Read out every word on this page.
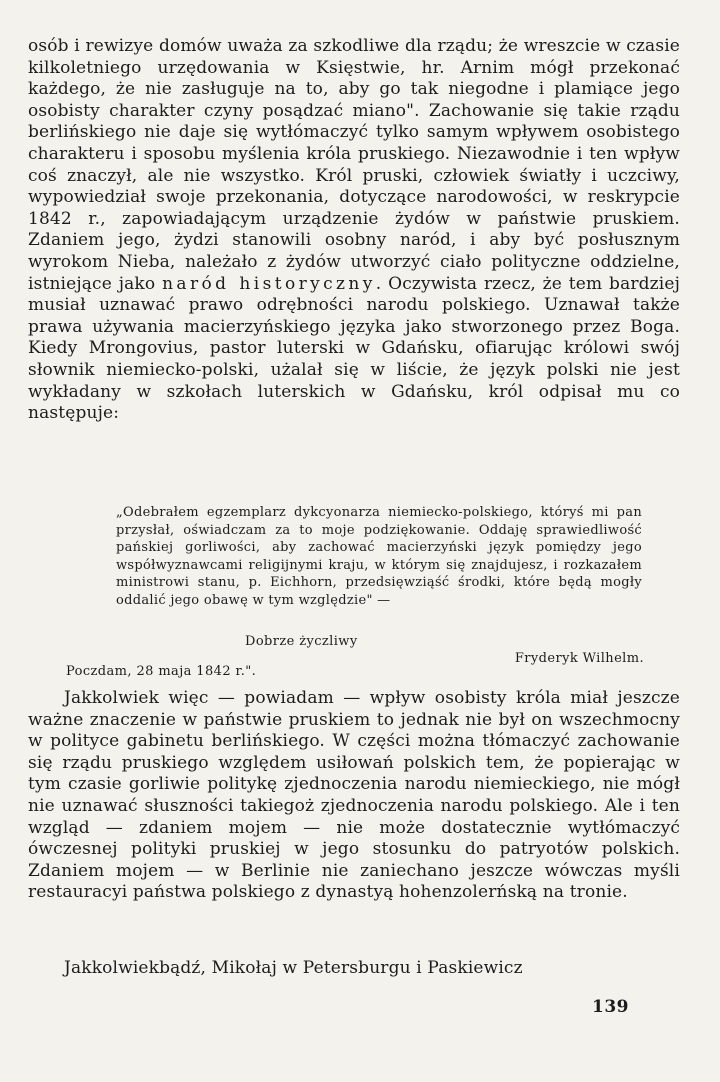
osób i rewizye domów uważa za szkodliwe dla rządu; że wreszcie w czasie kilkoletniego urzędowania w Księstwie, hr. Arnim mógł przekonać każdego, że nie zasługuje na to, aby go tak niegodne i plamiące jego osobisty charakter czyny posądzać miano". Zachowanie się takie rządu berlińskiego nie daje się wytłómaczyć tylko samym wpływem osobistego charakteru i sposobu myślenia króla pruskiego. Niezawodnie i ten wpływ coś znaczył, ale nie wszystko. Król pruski, człowiek światły i uczciwy, wypowiedział swoje przekonania, dotyczące narodowości, w reskrypcie 1842 r., zapowiadającym urządzenie żydów w państwie pruskiem. Zdaniem jego, żydzi stanowili osobny naród, i aby być posłusznym wyrokom Nieba, należało z żydów utworzyć ciało polityczne oddzielne, istniejące jako naród historyczny. Oczywista rzecz, że tem bardziej musiał uznawać prawo odrębności narodu polskiego. Uznawał także prawa używania macierzyńskiego języka jako stworzonego przez Boga. Kiedy Mrongovius, pastor luterski w Gdańsku, ofiarując królowi swój słownik niemiecko-polski, użalał się w liście, że język polski nie jest wykładany w szkołach luterskich w Gdańsku, król odpisał mu co następuje:

„Odebrałem egzemplarz dykcyonarza niemiecko-polskiego, któryś mi pan przysłał, oświadczam za to moje podziękowanie. Oddaję sprawiedliwość pańskiej gorliwości, aby zachować macierzyński język pomiędzy jego współwyznawcami religijnymi kraju, w którym się znajdujesz, i rozkazałem ministrowi stanu, p. Eichhorn, przedsięwziąść środki, które będą mogły oddalić jego obawę w tym względzie" —

Dobrze życzliwy
Fryderyk Wilhelm.
Poczdam, 28 maja 1842 r.".

Jakkolwiek więc — powiadam — wpływ osobisty króla miał jeszcze ważne znaczenie w państwie pruskiem to jednak nie był on wszechmocny w polityce gabinetu berlińskiego. W części można tłómaczyć zachowanie się rządu pruskiego względem usiłowań polskich tem, że popierając w tym czasie gorliwie politykę zjednoczenia narodu niemieckiego, nie mógł nie uznawać słuszności takiegoż zjednoczenia narodu polskiego. Ale i ten wzgląd — zdaniem mojem — nie może dostatecznie wytłómaczyć ówczesnej polityki pruskiej w jego stosunku do patryotów polskich. Zdaniem mojem — w Berlinie nie zaniechano jeszcze wówczas myśli restauracyi państwa polskiego z dynastyą hohenzolerńską na tronie.

Jakkolwiekbądź, Mikołaj w Petersburgu i Paskiewicz

139
